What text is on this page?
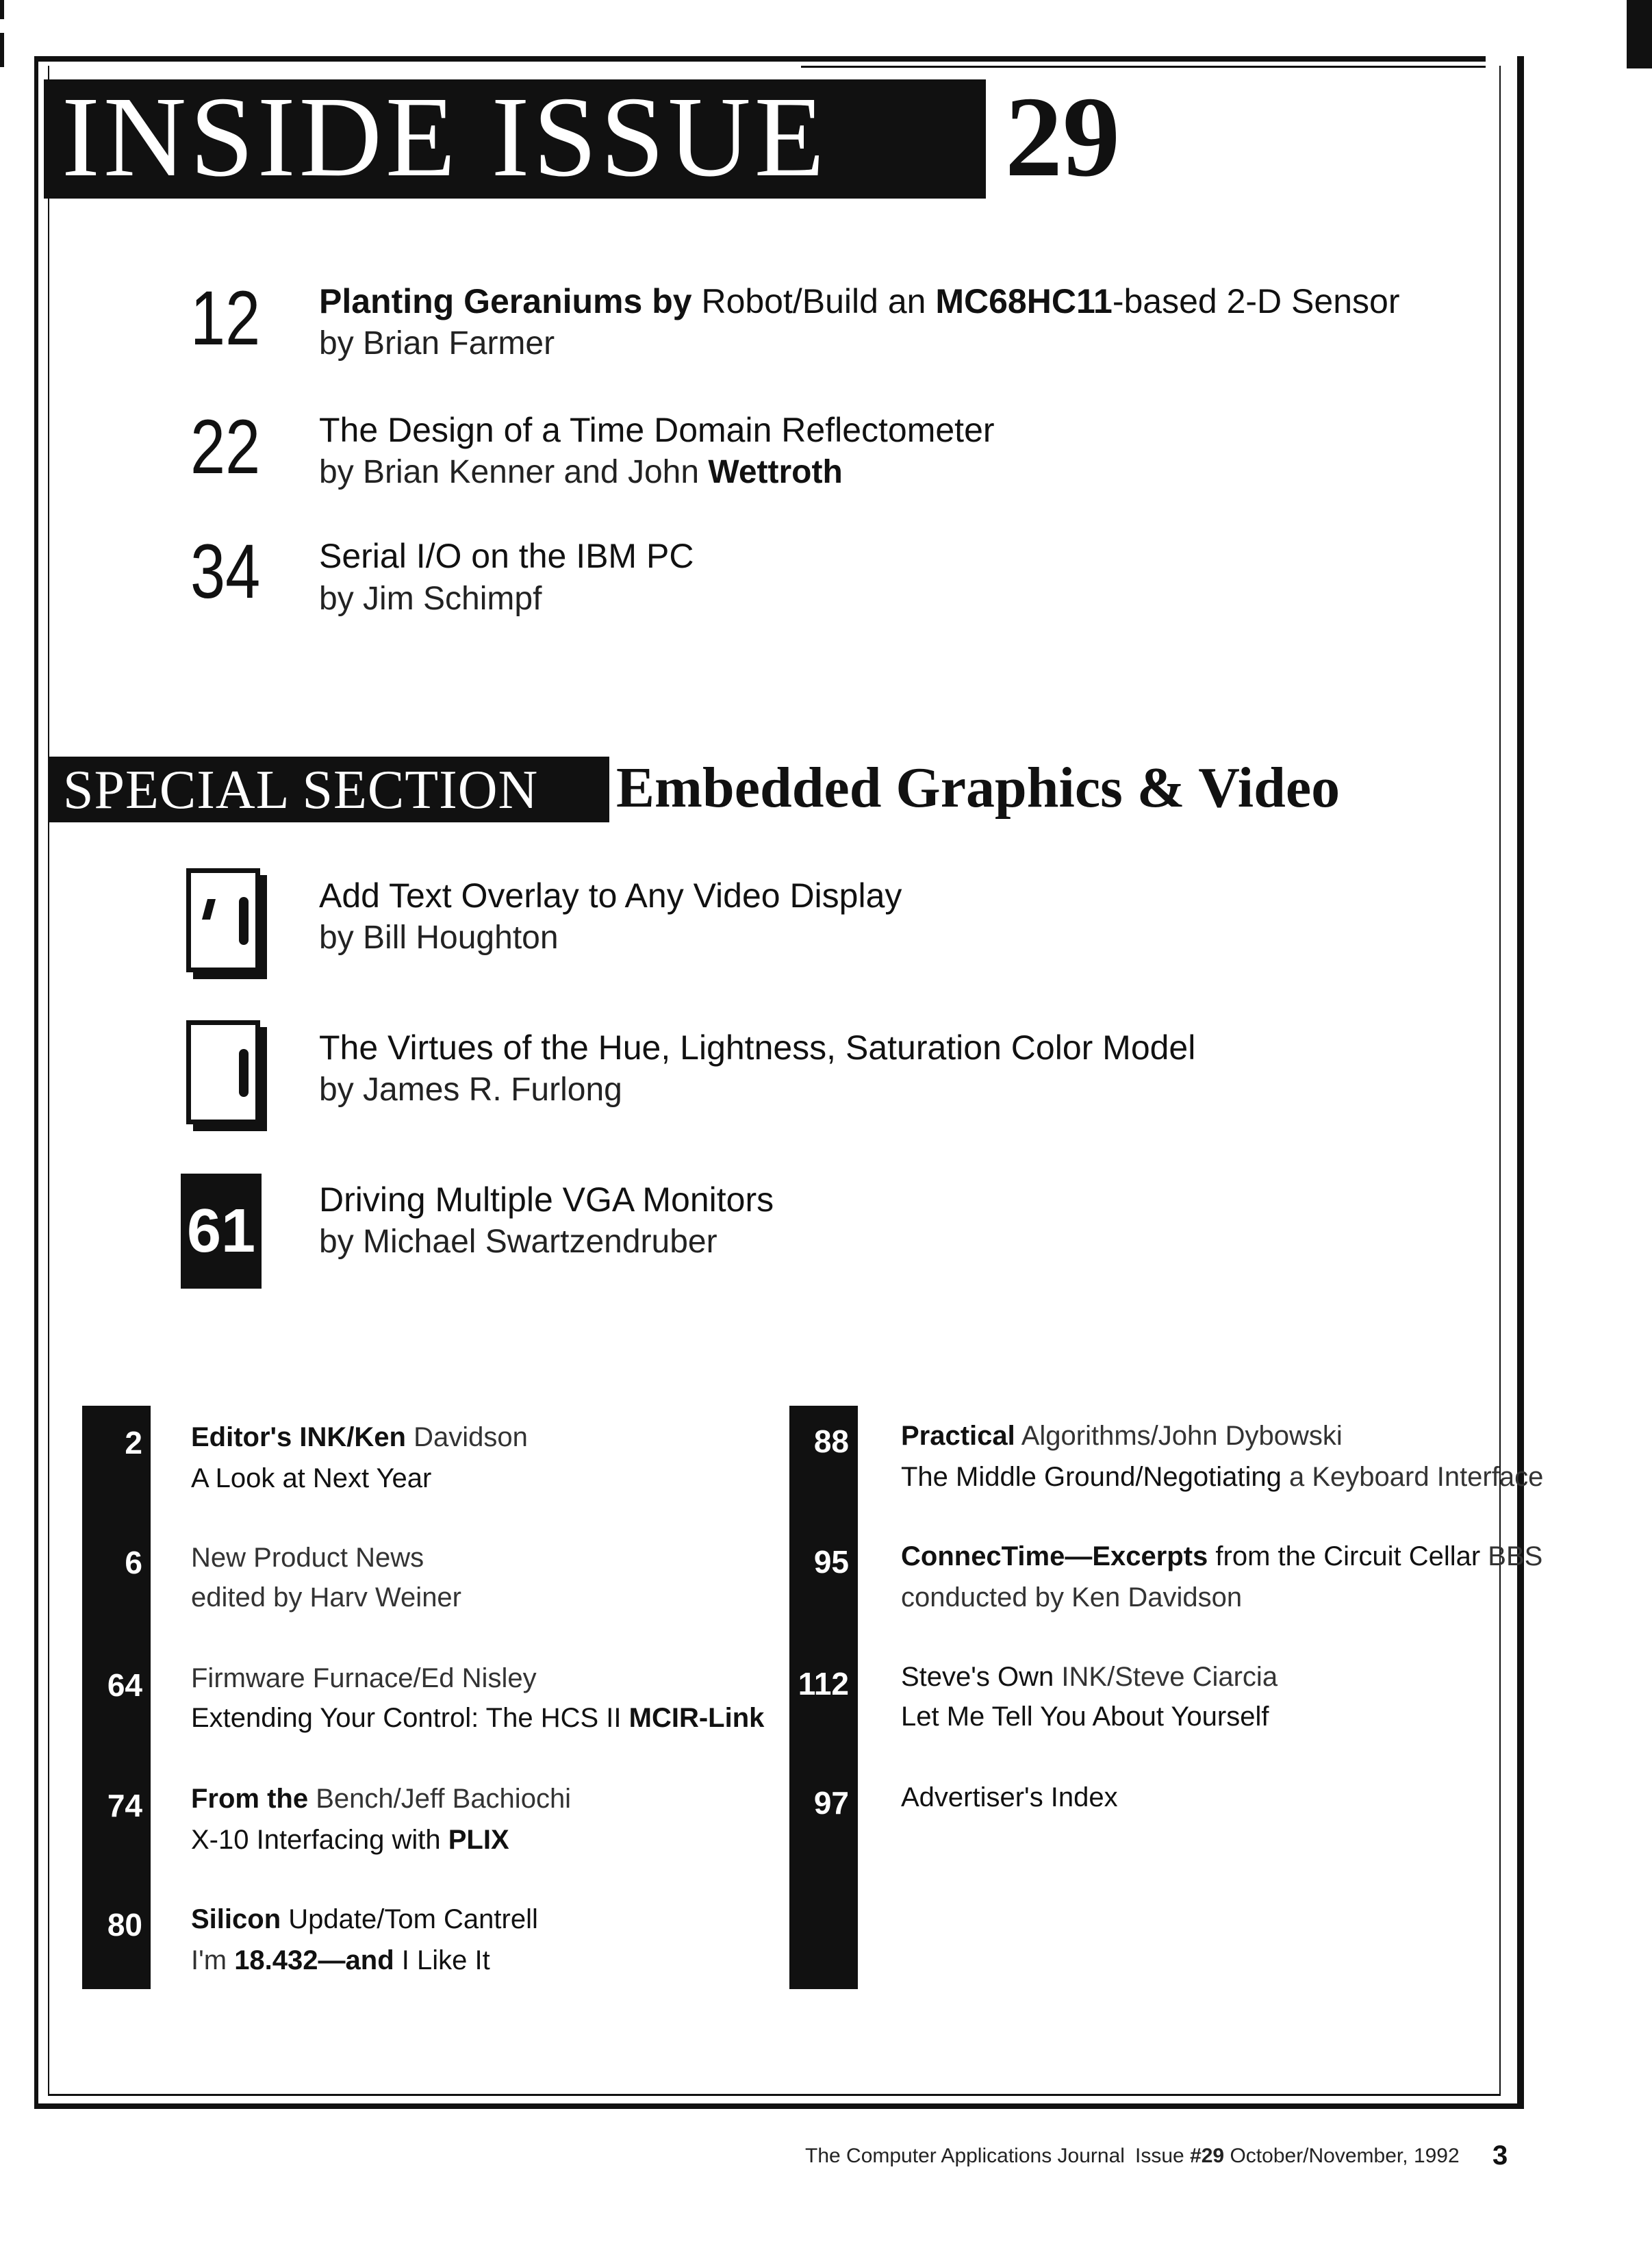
INSIDE ISSUE 29
12 Planting Geraniums by Robot/Build an MC68HC11-based 2-D Sensor
by Brian Farmer
22 The Design of a Time Domain Reflectometer
by Brian Kenner and John Wettroth
34 Serial I/O on the IBM PC
by Jim Schimpf
SPECIAL SECTION Embedded Graphics & Video
Add Text Overlay to Any Video Display
by Bill Houghton
The Virtues of the Hue, Lightness, Saturation Color Model
by James R. Furlong
61 Driving Multiple VGA Monitors
by Michael Swartzendruber
2
6
64
74
80
Editor's INK/Ken Davidson
A Look at Next Year
New Product News
edited by Harv Weiner
Firmware Furnace/Ed Nisley
Extending Your Control: The HCS II MCIR-Link
From the Bench/Jeff Bachiochi
X-10 Interfacing with PLIX
Silicon Update/Tom Cantrell
I'm 18.432—and I Like It
88
95
112
97
Practical Algorithms/John Dybowski
The Middle Ground/Negotiating a Keyboard Interface
ConnecTime—Excerpts from the Circuit Cellar BBS
conducted by Ken Davidson
Steve's Own INK/Steve Ciarcia
Let Me Tell You About Yourself
Advertiser's Index
The Computer Applications Journal Issue #29 October/November, 1992 3
